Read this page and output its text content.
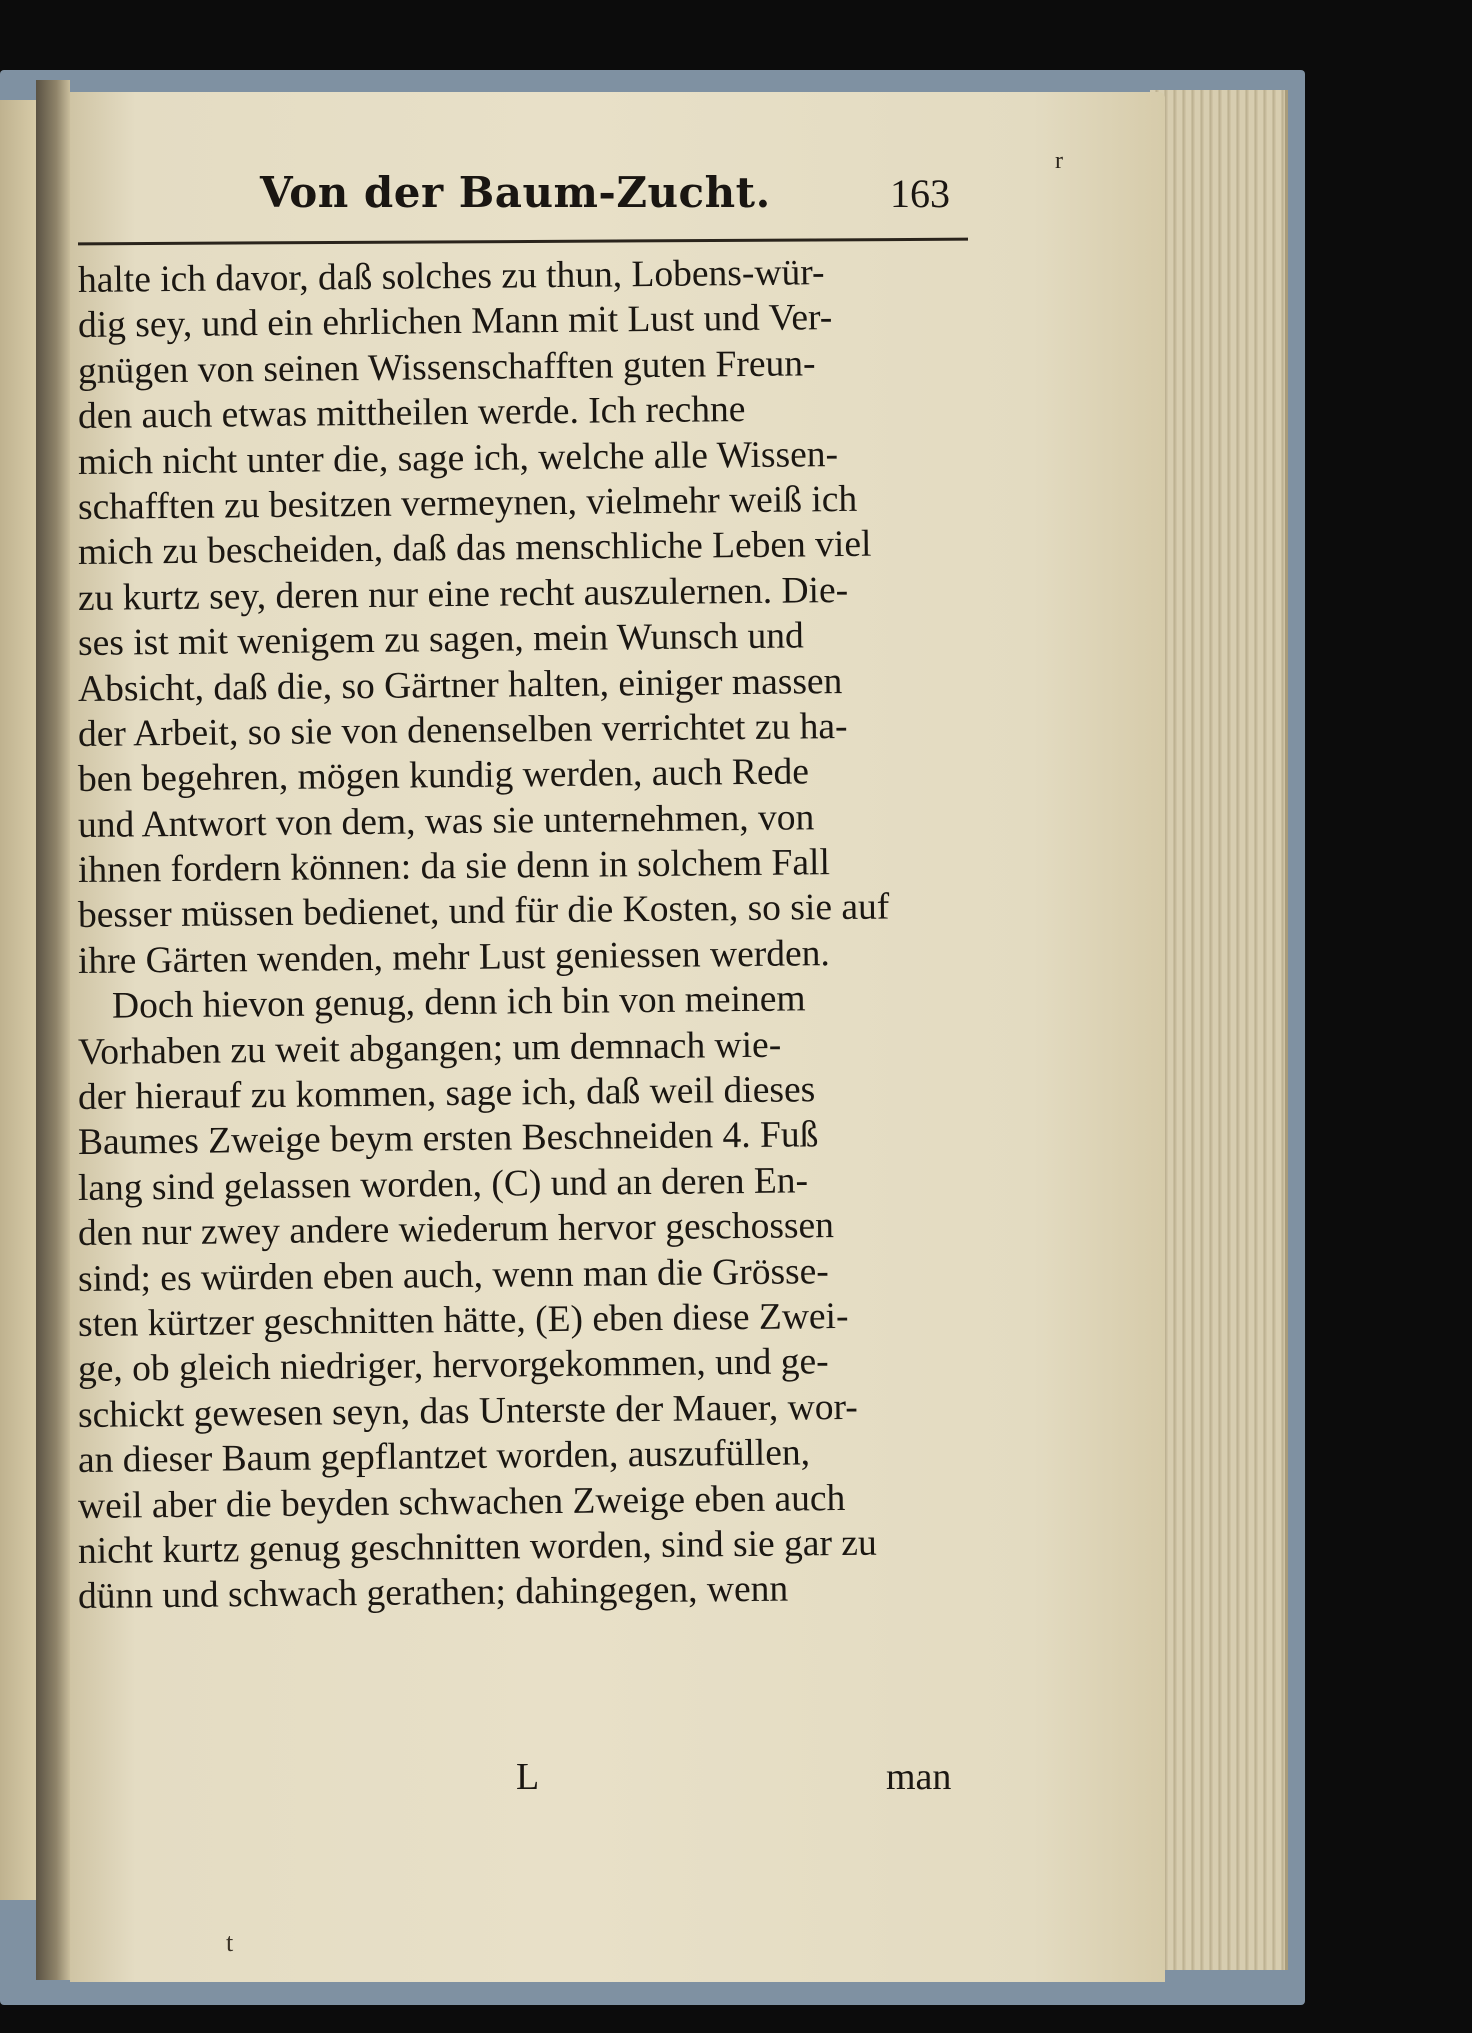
Von der Baum-Zucht.	163
halte ich davor, daß solches zu thun, Lobens-wür-
dig sey, und ein ehrlichen Mann mit Lust und Ver-
gnügen von seinen Wissenschafften guten Freun-
den auch etwas mittheilen werde. Ich rechne
mich nicht unter die, sage ich, welche alle Wissen-
schafften zu besitzen vermeynen, vielmehr weiß ich
mich zu bescheiden, daß das menschliche Leben viel
zu kurtz sey, deren nur eine recht auszulernen. Die-
ses ist mit wenigem zu sagen, mein Wunsch und
Absicht, daß die, so Gärtner halten, einiger massen
der Arbeit, so sie von denenselben verrichtet zu ha-
ben begehren, mögen kundig werden, auch Rede
und Antwort von dem, was sie unternehmen, von
ihnen fordern können: da sie denn in solchem Fall
besser müssen bedienet, und für die Kosten, so sie auf
ihre Gärten wenden, mehr Lust geniessen werden.
Doch hievon genug, denn ich bin von meinem
Vorhaben zu weit abgangen; um demnach wie-
der hierauf zu kommen, sage ich, daß weil dieses
Baumes Zweige beym ersten Beschneiden 4. Fuß
lang sind gelassen worden, (C) und an deren En-
den nur zwey andere wiederum hervor geschossen
sind; es würden eben auch, wenn man die Grösse-
sten kürtzer geschnitten hätte, (E) eben diese Zwei-
ge, ob gleich niedriger, hervorgekommen, und ge-
schickt gewesen seyn, das Unterste der Mauer, wor-
an dieser Baum gepflantzet worden, auszufüllen,
weil aber die beyden schwachen Zweige eben auch
nicht kurtz genug geschnitten worden, sind sie gar zu
dünn und schwach gerathen; dahingegen, wenn
L	man
t
r
